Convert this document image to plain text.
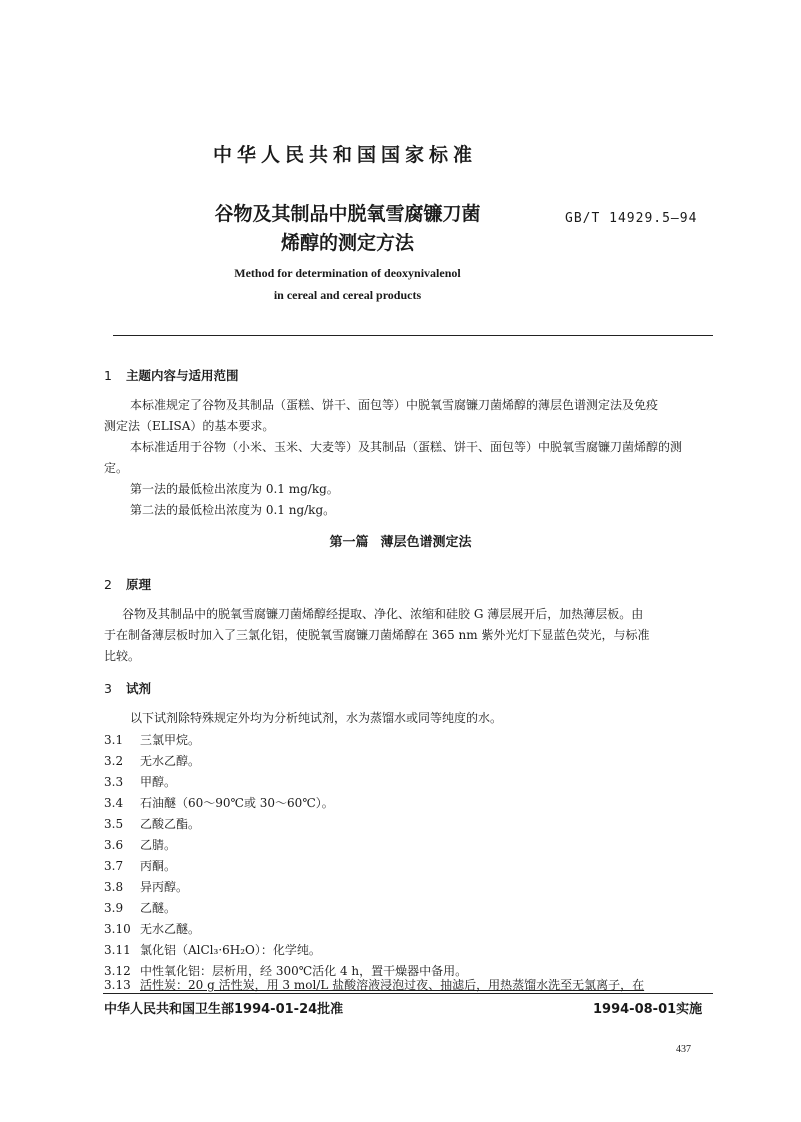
中华人民共和国国家标准
谷物及其制品中脱氧雪腐镰刀菌
烯醇的测定方法
GB/T 14929.5—94
Method for determination of deoxynivalenol
in cereal and cereal products
1 主题内容与适用范围
本标准规定了谷物及其制品（蛋糕、饼干、面包等）中脱氧雪腐镰刀菌烯醇的薄层色谱测定法及免疫
测定法（ELISA）的基本要求。
本标准适用于谷物（小米、玉米、大麦等）及其制品（蛋糕、饼干、面包等）中脱氧雪腐镰刀菌烯醇的测
定。
第一法的最低检出浓度为 0.1 mg/kg。
第二法的最低检出浓度为 0.1 ng/kg。
第一篇 薄层色谱测定法
2 原理
谷物及其制品中的脱氧雪腐镰刀菌烯醇经提取、净化、浓缩和硅胶 G 薄层展开后，加热薄层板。由
于在制备薄层板时加入了三氯化铝，使脱氧雪腐镰刀菌烯醇在 365 nm 紫外光灯下显蓝色荧光，与标准
比较。
3 试剂
以下试剂除特殊规定外均为分析纯试剂，水为蒸馏水或同等纯度的水。
3.1 三氯甲烷。
3.2 无水乙醇。
3.3 甲醇。
3.4 石油醚（60～90℃或 30～60℃）。
3.5 乙酸乙酯。
3.6 乙腈。
3.7 丙酮。
3.8 异丙醇。
3.9 乙醚。
3.10 无水乙醚。
3.11 氯化铝（AlCl₃·6H₂O）：化学纯。
3.12 中性氧化铝：层析用，经 300℃活化 4 h，置干燥器中备用。
3.13 活性炭：20 g 活性炭，用 3 mol/L 盐酸溶液浸泡过夜、抽滤后，用热蒸馏水洗至无氯离子，在
中华人民共和国卫生部1994-01-24批准	1994-08-01实施
437
